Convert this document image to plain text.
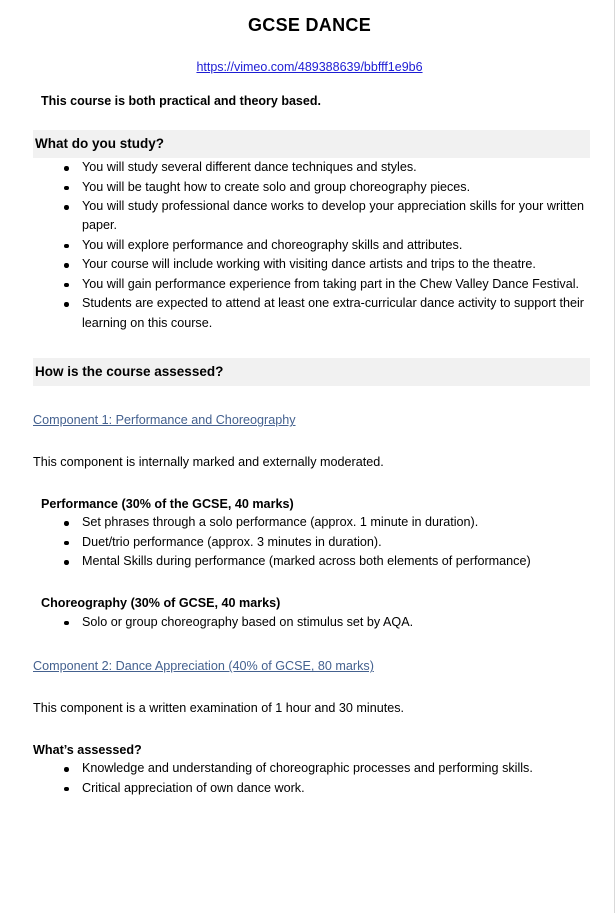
GCSE DANCE
https://vimeo.com/489388639/bbfff1e9b6
This course is both practical and theory based.
What do you study?
You will study several different dance techniques and styles.
You will be taught how to create solo and group choreography pieces.
You will study professional dance works to develop your appreciation skills for your written paper.
You will explore performance and choreography skills and attributes.
Your course will include working with visiting dance artists and trips to the theatre.
You will gain performance experience from taking part in the Chew Valley Dance Festival.
Students are expected to attend at least one extra-curricular dance activity to support their learning on this course.
How is the course assessed?
Component 1: Performance and Choreography
This component is internally marked and externally moderated.
Performance (30% of the GCSE, 40 marks)
Set phrases through a solo performance (approx. 1 minute in duration).
Duet/trio performance (approx. 3 minutes in duration).
Mental Skills during performance (marked across both elements of performance)
Choreography (30% of GCSE, 40 marks)
Solo or group choreography based on stimulus set by AQA.
Component 2: Dance Appreciation (40% of GCSE, 80 marks)
This component is a written examination of 1 hour and 30 minutes.
What’s assessed?
Knowledge and understanding of choreographic processes and performing skills.
Critical appreciation of own dance work.
